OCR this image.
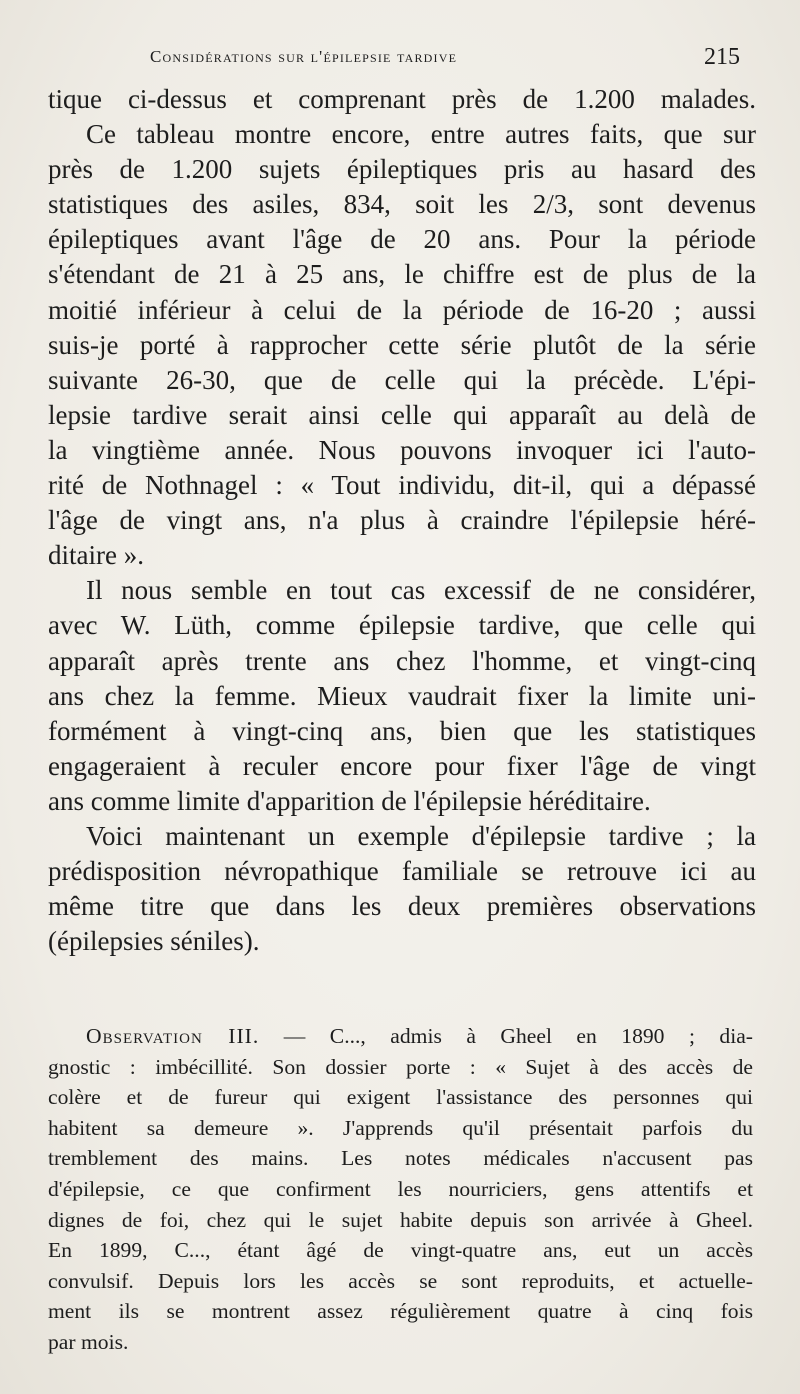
Considérations sur l'épilepsie tardive	215
tique ci-dessus et comprenant près de 1.200 malades.
Ce tableau montre encore, entre autres faits, que sur
près de 1.200 sujets épileptiques pris au hasard des
statistiques des asiles, 834, soit les 2/3, sont devenus
épileptiques avant l'âge de 20 ans. Pour la période
s'étendant de 21 à 25 ans, le chiffre est de plus de la
moitié inférieur à celui de la période de 16-20 ; aussi
suis-je porté à rapprocher cette série plutôt de la série
suivante 26-30, que de celle qui la précède. L'épi-
lepsie tardive serait ainsi celle qui apparaît au delà de
la vingtième année. Nous pouvons invoquer ici l'auto-
rité de Nothnagel : « Tout individu, dit-il, qui a dépassé
l'âge de vingt ans, n'a plus à craindre l'épilepsie héré-
ditaire ».
Il nous semble en tout cas excessif de ne considérer,
avec W. Lüth, comme épilepsie tardive, que celle qui
apparaît après trente ans chez l'homme, et vingt-cinq
ans chez la femme. Mieux vaudrait fixer la limite uni-
formément à vingt-cinq ans, bien que les statistiques
engageraient à reculer encore pour fixer l'âge de vingt
ans comme limite d'apparition de l'épilepsie héréditaire.
Voici maintenant un exemple d'épilepsie tardive ; la
prédisposition névropathique familiale se retrouve ici au
même titre que dans les deux premières observations
(épilepsies séniles).
Observation III. — C..., admis à Gheel en 1890 ; dia-
gnostic : imbécillité. Son dossier porte : « Sujet à des accès de
colère et de fureur qui exigent l'assistance des personnes qui
habitent sa demeure ». J'apprends qu'il présentait parfois du
tremblement des mains. Les notes médicales n'accusent pas
d'épilepsie, ce que confirment les nourriciers, gens attentifs et
dignes de foi, chez qui le sujet habite depuis son arrivée à Gheel.
En 1899, C..., étant âgé de vingt-quatre ans, eut un accès
convulsif. Depuis lors les accès se sont reproduits, et actuelle-
ment ils se montrent assez régulièrement quatre à cinq fois
par mois.
